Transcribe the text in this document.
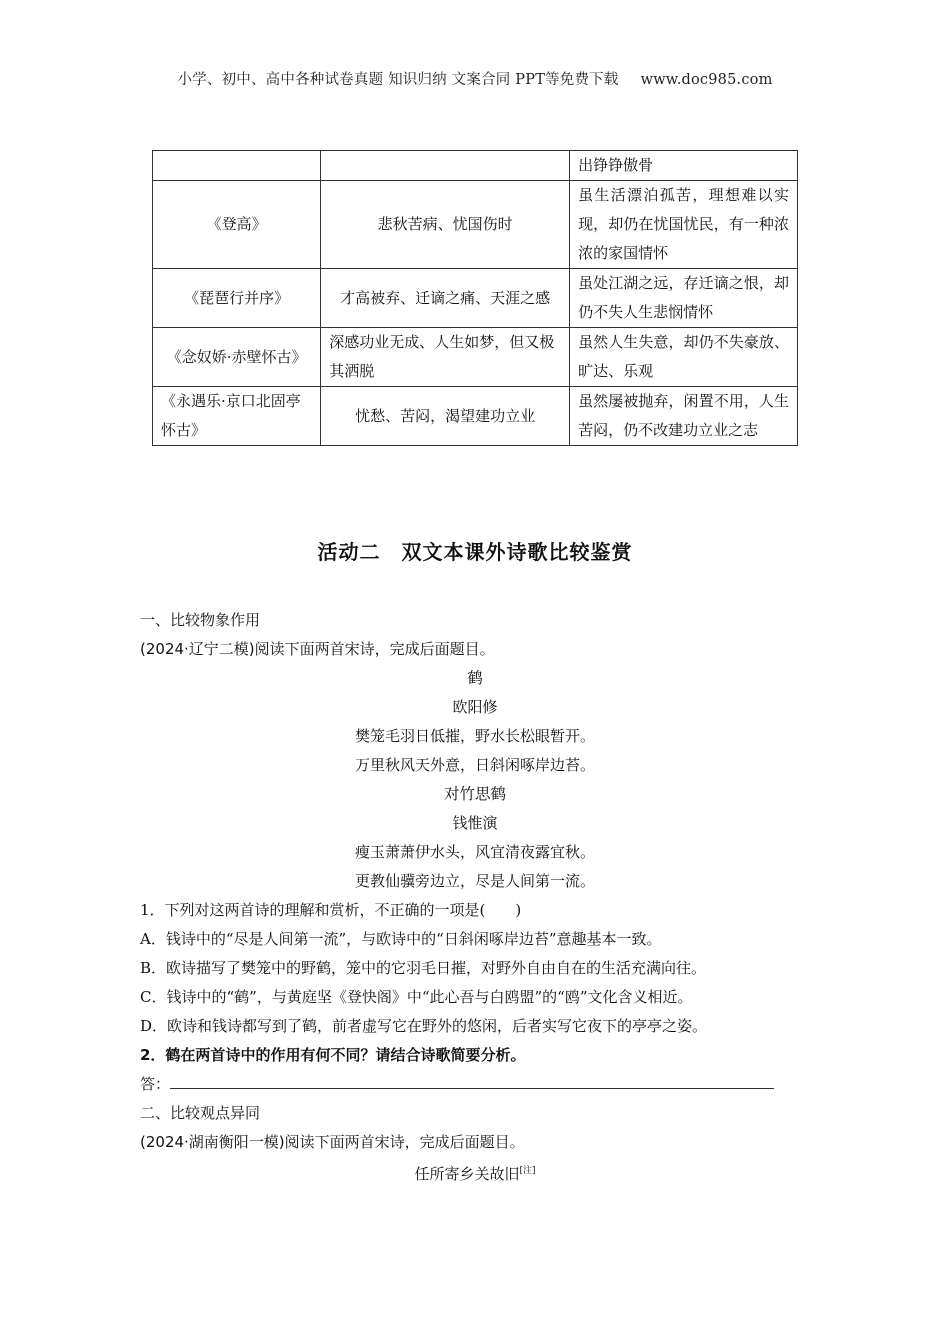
小学、初中、高中各种试卷真题 知识归纳 文案合同 PPT等免费下载 www.doc985.com
		出铮铮傲骨
《登高》	悲秋苦病、忧国伤时	虽生活漂泊孤苦，理想难以实现，却仍在忧国忧民，有一种浓浓的家国情怀
《琵琶行并序》	才高被弃、迁谪之痛、天涯之感	虽处江湖之远，存迁谪之恨，却仍不失人生悲悯情怀
《念奴娇·赤壁怀古》	深感功业无成、人生如梦，但又极其洒脱	虽然人生失意，却仍不失豪放、旷达、乐观
《永遇乐·京口北固亭怀古》	忧愁、苦闷，渴望建功立业	虽然屡被抛弃，闲置不用，人生苦闷，仍不改建功立业之志
活动二　双文本课外诗歌比较鉴赏

一、比较物象作用

(2024·辽宁二模)阅读下面两首宋诗，完成后面题目。

鹤

欧阳修

樊笼毛羽日低摧，野水长松眼暂开。

万里秋风天外意，日斜闲啄岸边苔。

对竹思鹤

钱惟演

瘦玉萧萧伊水头，风宜清夜露宜秋。

更教仙骥旁边立，尽是人间第一流。

1．下列对这两首诗的理解和赏析，不正确的一项是(　　)

A．钱诗中的“尽是人间第一流”，与欧诗中的“日斜闲啄岸边苔”意趣基本一致。

B．欧诗描写了樊笼中的野鹤，笼中的它羽毛日摧，对野外自由自在的生活充满向往。

C．钱诗中的“鹤”，与黄庭坚《登快阁》中“此心吾与白鸥盟”的“鸥”文化含义相近。

D．欧诗和钱诗都写到了鹤，前者虚写它在野外的悠闲，后者实写它夜下的亭亭之姿。

2．鹤在两首诗中的作用有何不同？请结合诗歌简要分析。

答：

二、比较观点异同

(2024·湖南衡阳一模)阅读下面两首宋诗，完成后面题目。

任所寄乡关故旧[注]
